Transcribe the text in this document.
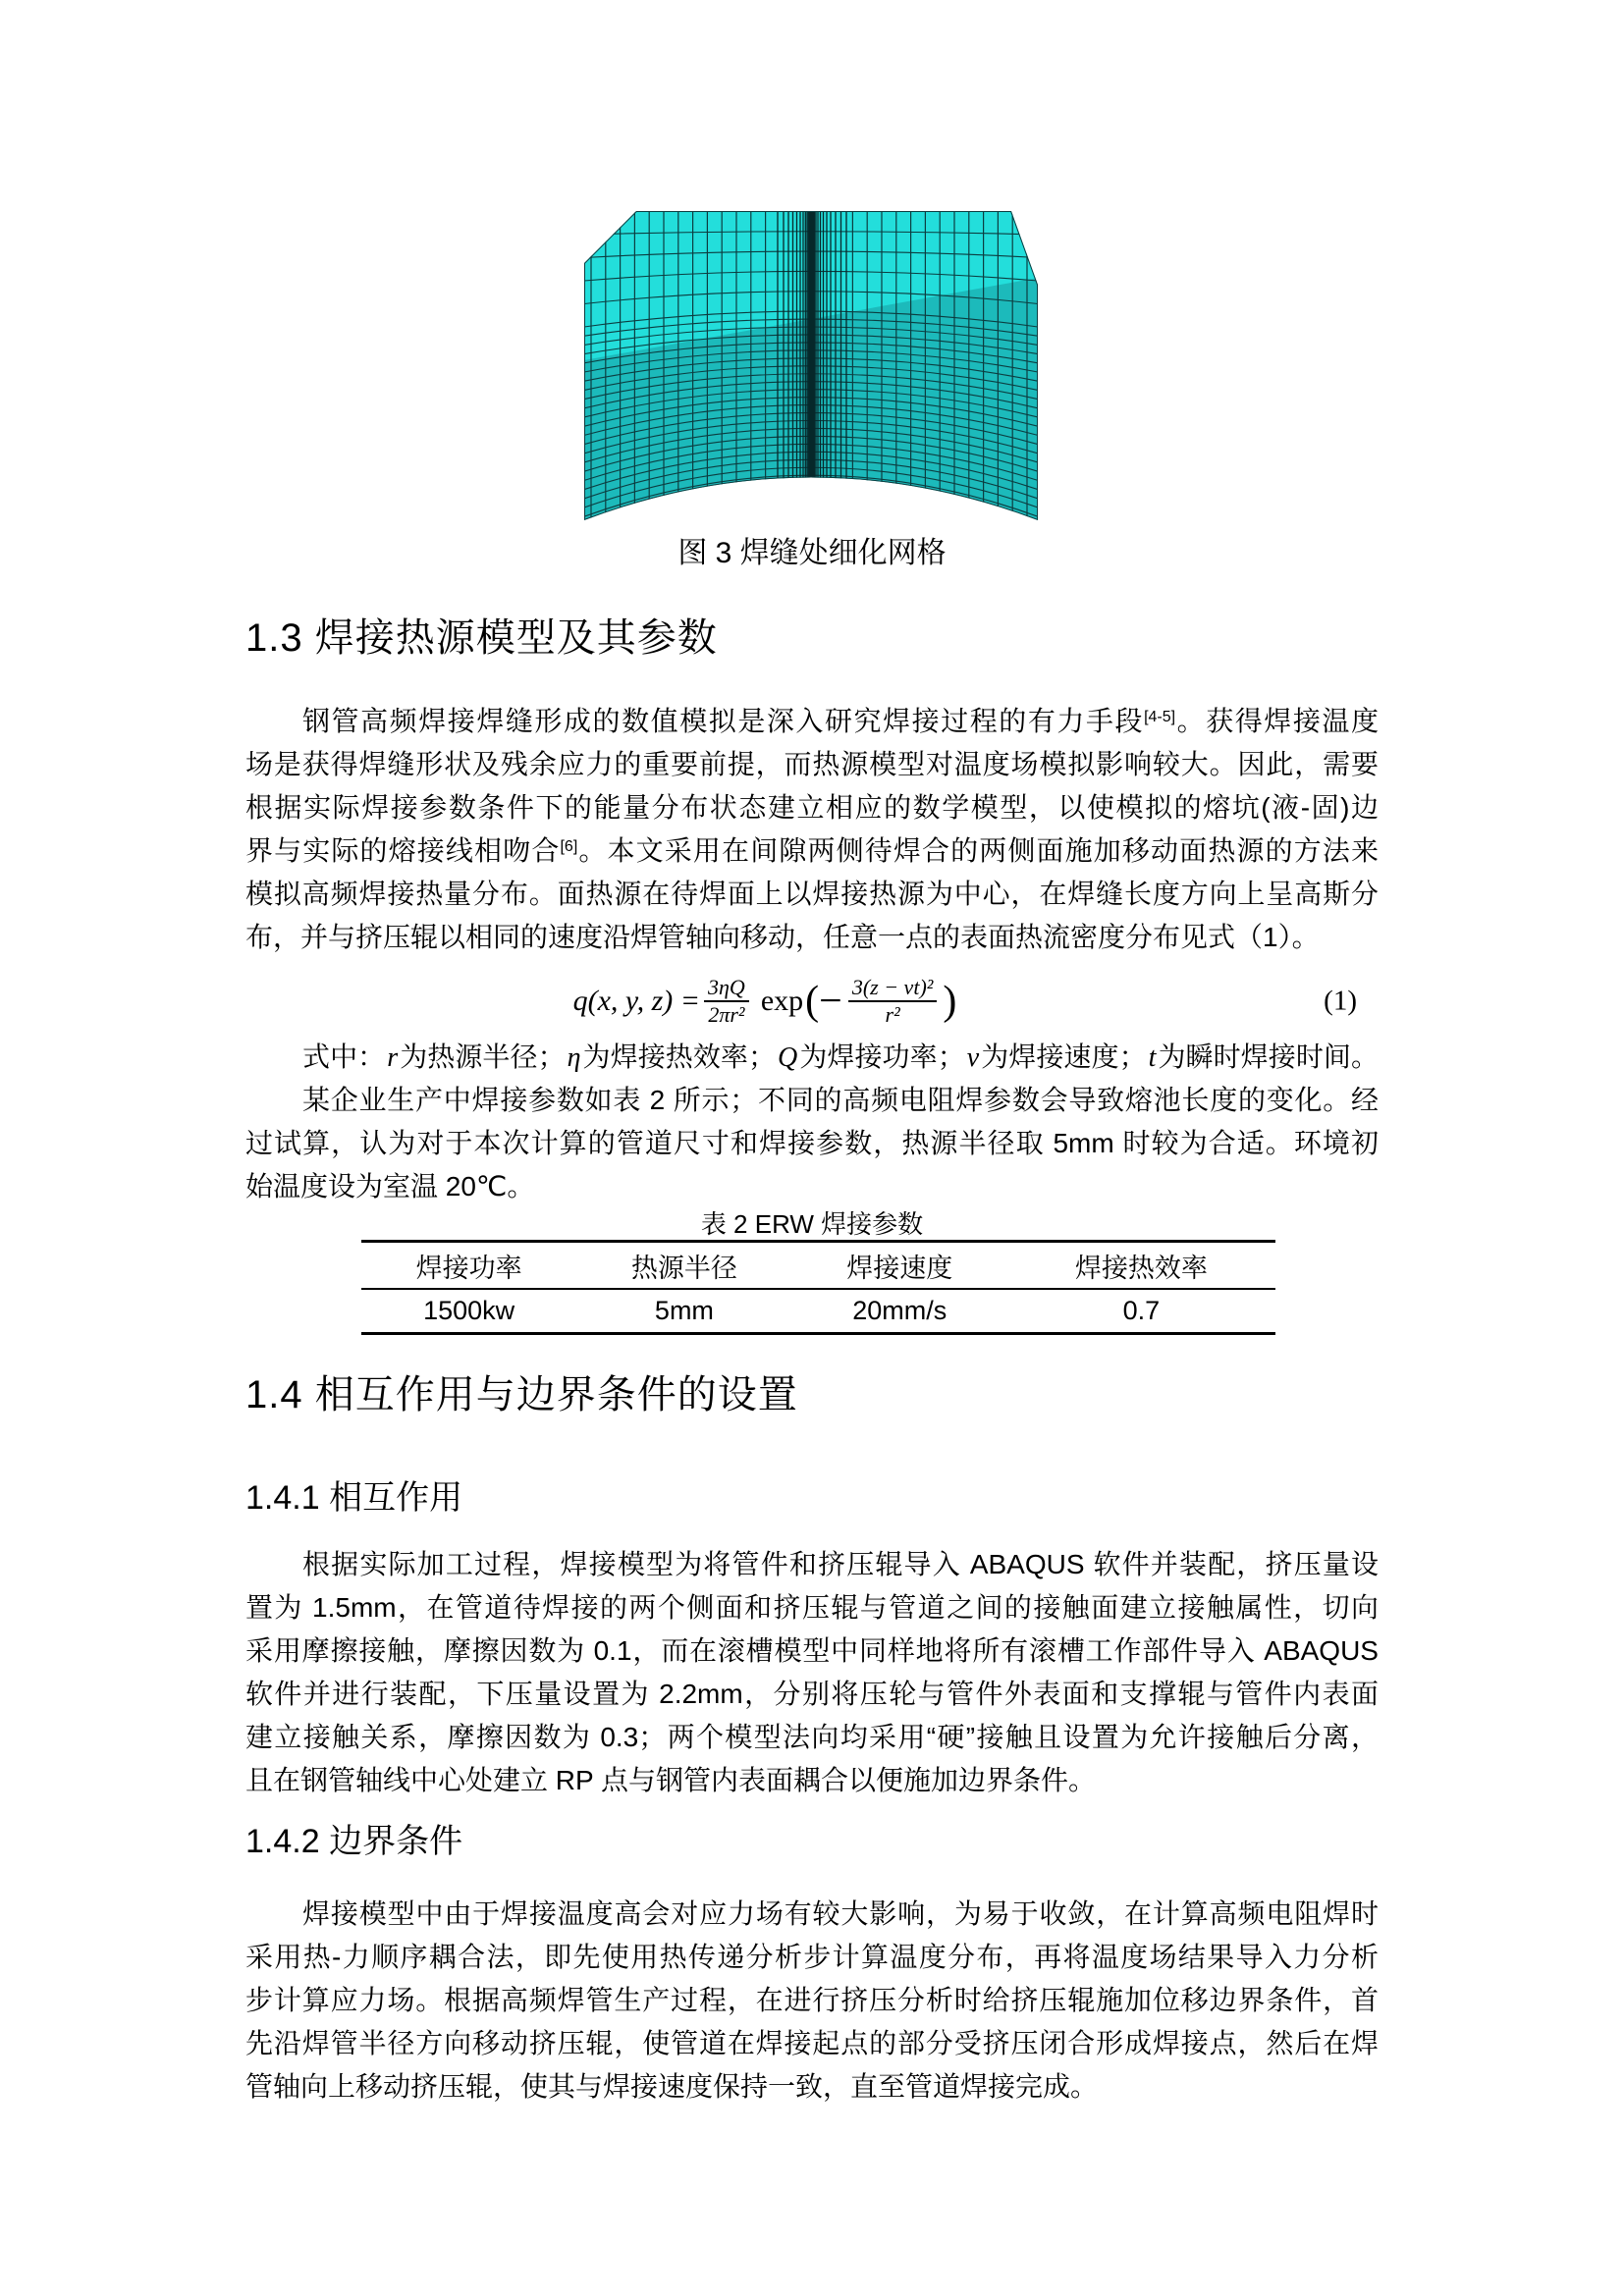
图 3 焊缝处细化网格
1.3 焊接热源模型及其参数
钢管高频焊接焊缝形成的数值模拟是深入研究焊接过程的有力手段[4-5]。获得焊接温度
场是获得焊缝形状及残余应力的重要前提，而热源模型对温度场模拟影响较大。因此，需要
根据实际焊接参数条件下的能量分布状态建立相应的数学模型，以使模拟的熔坑(液-固)边
界与实际的熔接线相吻合[6]。本文采用在间隙两侧待焊合的两侧面施加移动面热源的方法来
模拟高频焊接热量分布。面热源在待焊面上以焊接热源为中心，在焊缝长度方向上呈高斯分
布，并与挤压辊以相同的速度沿焊管轴向移动，任意一点的表面热流密度分布见式（1）。
q(x, y, $z) = \frac{3\eta Q}{\text{2πr²}}$ exp (− $\frac{\text{3(z − vt)²}}{\text{r²}}$ )	(1)
式中：r为热源半径；η为焊接热效率；Q为焊接功率；v为焊接速度；t为瞬时焊接时间。
某企业生产中焊接参数如表 2 所示；不同的高频电阻焊参数会导致熔池长度的变化。经
过试算，认为对于本次计算的管道尺寸和焊接参数，热源半径取 5mm 时较为合适。环境初
始温度设为室温 20℃。
表 2 ERW 焊接参数
焊接功率	热源半径	焊接速度	焊接热效率
1500kw	5mm	20mm/s	0.7
1.4 相互作用与边界条件的设置
1.4.1 相互作用
根据实际加工过程，焊接模型为将管件和挤压辊导入 ABAQUS 软件并装配，挤压量设
置为 1.5mm，在管道待焊接的两个侧面和挤压辊与管道之间的接触面建立接触属性，切向
采用摩擦接触，摩擦因数为 0.1，而在滚槽模型中同样地将所有滚槽工作部件导入 ABAQUS
软件并进行装配，下压量设置为 2.2mm，分别将压轮与管件外表面和支撑辊与管件内表面
建立接触关系，摩擦因数为 0.3；两个模型法向均采用“硬”接触且设置为允许接触后分离，
且在钢管轴线中心处建立 RP 点与钢管内表面耦合以便施加边界条件。
1.4.2 边界条件
焊接模型中由于焊接温度高会对应力场有较大影响，为易于收敛，在计算高频电阻焊时
采用热-力顺序耦合法，即先使用热传递分析步计算温度分布，再将温度场结果导入力分析
步计算应力场。根据高频焊管生产过程，在进行挤压分析时给挤压辊施加位移边界条件，首
先沿焊管半径方向移动挤压辊，使管道在焊接起点的部分受挤压闭合形成焊接点，然后在焊
管轴向上移动挤压辊，使其与焊接速度保持一致，直至管道焊接完成。
